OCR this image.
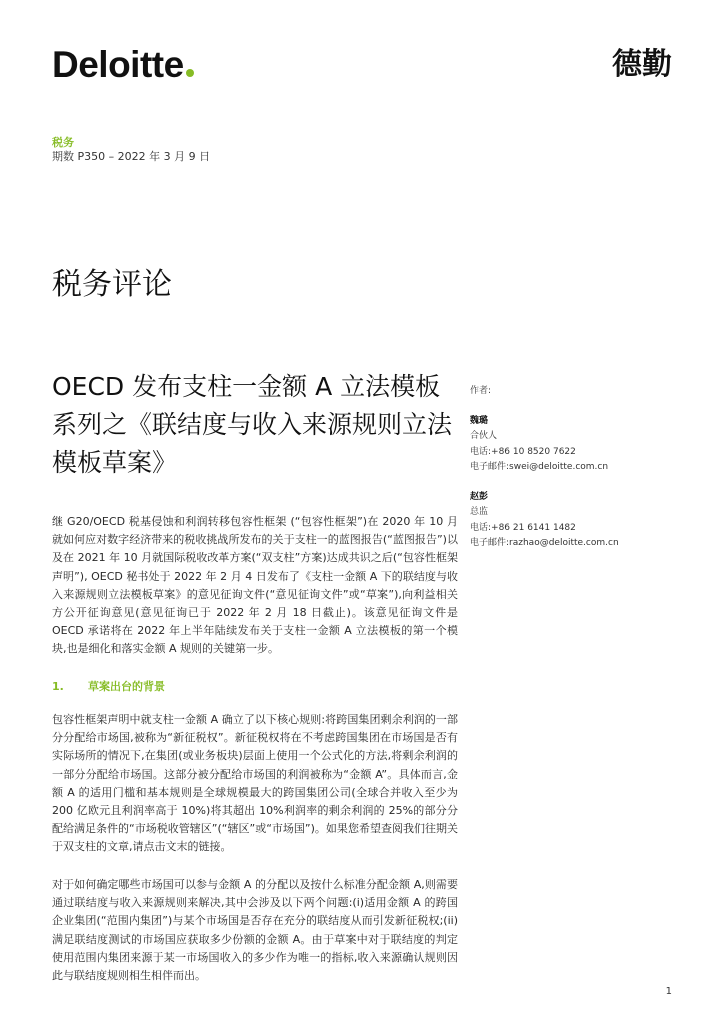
Deloitte	德勤
税务
期数 P350 – 2022 年 3 月 9 日
税务评论
OECD 发布支柱一金额 A 立法模板系列之《联结度与收入来源规则立法模板草案》
作者:
魏璐
合伙人
电话:+86 10 8520 7622
电子邮件:swei@deloitte.com.cn
赵彭
总监
电话:+86 21 6141 1482
电子邮件:razhao@deloitte.com.cn
继 G20/OECD 税基侵蚀和利润转移包容性框架 (“包容性框架”)在 2020 年 10 月就如何应对数字经济带来的税收挑战所发布的关于支柱一的蓝图报告(“蓝图报告”)以及在 2021 年 10 月就国际税收改革方案(“双支柱”方案)达成共识之后(“包容性框架声明”), OECD 秘书处于 2022 年 2 月 4 日发布了《支柱一金额 A 下的联结度与收入来源规则立法模板草案》的意见征询文件(“意见征询文件”或“草案”),向利益相关方公开征询意见(意见征询已于 2022 年 2 月 18 日截止)。该意见征询文件是 OECD 承诺将在 2022 年上半年陆续发布关于支柱一金额 A 立法模板的第一个模块,也是细化和落实金额 A 规则的关键第一步。
1. 草案出台的背景
包容性框架声明中就支柱一金额 A 确立了以下核心规则:将跨国集团剩余利润的一部分分配给市场国,被称为“新征税权”。新征税权将在不考虑跨国集团在市场国是否有实际场所的情况下,在集团(或业务板块)层面上使用一个公式化的方法,将剩余利润的一部分分配给市场国。这部分被分配给市场国的利润被称为“金额 A”。具体而言,金额 A 的适用门槛和基本规则是全球规模最大的跨国集团公司(全球合并收入至少为 200 亿欧元且利润率高于 10%)将其超出 10%利润率的剩余利润的 25%的部分分配给满足条件的“市场税收管辖区”(“辖区”或“市场国”)。如果您希望查阅我们往期关于双支柱的文章,请点击文末的链接。
对于如何确定哪些市场国可以参与金额 A 的分配以及按什么标准分配金额 A,则需要通过联结度与收入来源规则来解决,其中会涉及以下两个问题:(i)适用金额 A 的跨国企业集团(“范围内集团”)与某个市场国是否存在充分的联结度从而引发新征税权;(ii)满足联结度测试的市场国应获取多少份额的金额 A。由于草案中对于联结度的判定使用范围内集团来源于某一市场国收入的多少作为唯一的指标,收入来源确认规则因此与联结度规则相生相伴而出。
1
